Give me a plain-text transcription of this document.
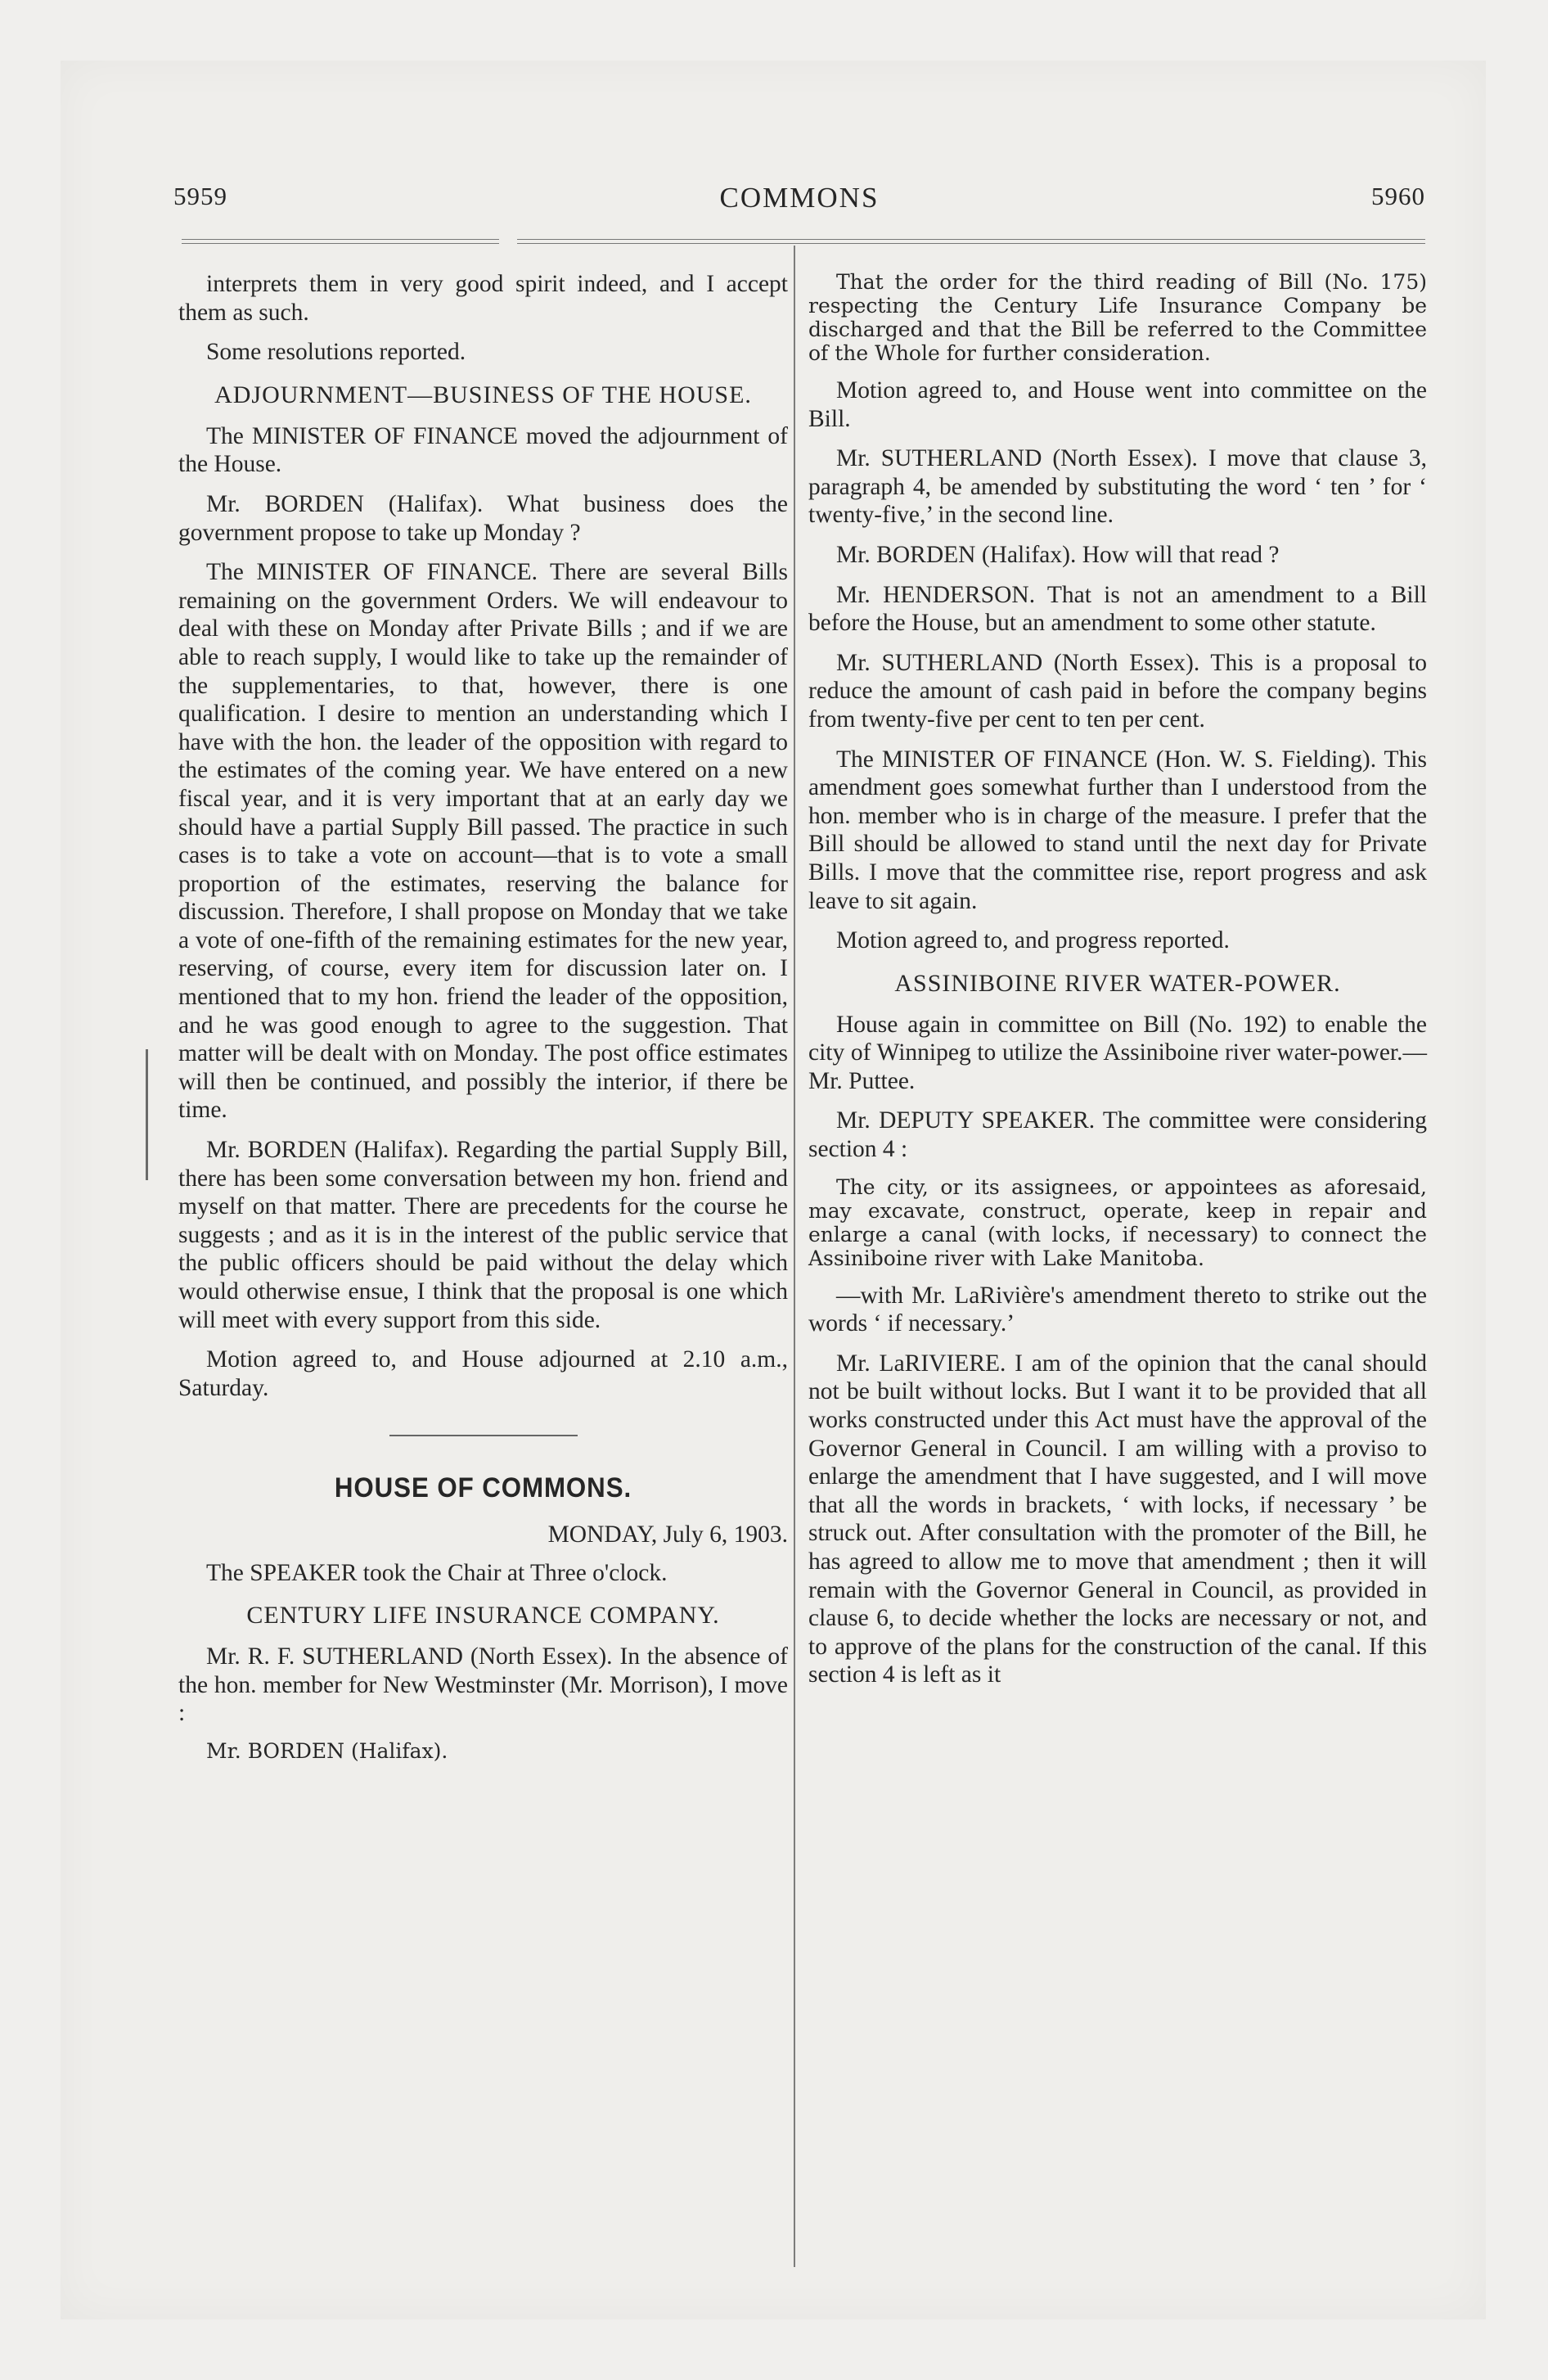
5959	COMMONS	5960

interprets them in very good spirit indeed, and I accept them as such.

Some resolutions reported.

ADJOURNMENT—BUSINESS OF THE HOUSE.

The MINISTER OF FINANCE moved the adjournment of the House.

Mr. BORDEN (Halifax). What business does the government propose to take up Monday ?

The MINISTER OF FINANCE. There are several Bills remaining on the government Orders. We will endeavour to deal with these on Monday after Private Bills ; and if we are able to reach supply, I would like to take up the remainder of the supplementaries, to that, however, there is one qualification. I desire to mention an understanding which I have with the hon. the leader of the opposition with regard to the estimates of the coming year. We have entered on a new fiscal year, and it is very important that at an early day we should have a partial Supply Bill passed. The practice in such cases is to take a vote on account—that is to vote a small proportion of the estimates, reserving the balance for discussion. Therefore, I shall propose on Monday that we take a vote of one-fifth of the remaining estimates for the new year, reserving, of course, every item for discussion later on. I mentioned that to my hon. friend the leader of the opposition, and he was good enough to agree to the suggestion. That matter will be dealt with on Monday. The post office estimates will then be continued, and possibly the interior, if there be time.

Mr. BORDEN (Halifax). Regarding the partial Supply Bill, there has been some conversation between my hon. friend and myself on that matter. There are precedents for the course he suggests ; and as it is in the interest of the public service that the public officers should be paid without the delay which would otherwise ensue, I think that the proposal is one which will meet with every support from this side.

Motion agreed to, and House adjourned at 2.10 a.m., Saturday.

HOUSE OF COMMONS.

MONDAY, July 6, 1903.

The SPEAKER took the Chair at Three o'clock.

CENTURY LIFE INSURANCE COMPANY.

Mr. R. F. SUTHERLAND (North Essex). In the absence of the hon. member for New Westminster (Mr. Morrison), I move :

Mr. BORDEN (Halifax).

That the order for the third reading of Bill (No. 175) respecting the Century Life Insurance Company be discharged and that the Bill be referred to the Committee of the Whole for further consideration.

Motion agreed to, and House went into committee on the Bill.

Mr. SUTHERLAND (North Essex). I move that clause 3, paragraph 4, be amended by substituting the word ‘ ten ’ for ‘ twenty-five,’ in the second line.

Mr. BORDEN (Halifax). How will that read ?

Mr. HENDERSON. That is not an amendment to a Bill before the House, but an amendment to some other statute.

Mr. SUTHERLAND (North Essex). This is a proposal to reduce the amount of cash paid in before the company begins from twenty-five per cent to ten per cent.

The MINISTER OF FINANCE (Hon. W. S. Fielding). This amendment goes somewhat further than I understood from the hon. member who is in charge of the measure. I prefer that the Bill should be allowed to stand until the next day for Private Bills. I move that the committee rise, report progress and ask leave to sit again.

Motion agreed to, and progress reported.

ASSINIBOINE RIVER WATER-POWER.

House again in committee on Bill (No. 192) to enable the city of Winnipeg to utilize the Assiniboine river water-power.—Mr. Puttee.

Mr. DEPUTY SPEAKER. The committee were considering section 4 :

The city, or its assignees, or appointees as aforesaid, may excavate, construct, operate, keep in repair and enlarge a canal (with locks, if necessary) to connect the Assiniboine river with Lake Manitoba.

—with Mr. LaRivière's amendment thereto to strike out the words ‘ if necessary.’

Mr. LaRIVIERE. I am of the opinion that the canal should not be built without locks. But I want it to be provided that all works constructed under this Act must have the approval of the Governor General in Council. I am willing with a proviso to enlarge the amendment that I have suggested, and I will move that all the words in brackets, ‘ with locks, if necessary ’ be struck out. After consultation with the promoter of the Bill, he has agreed to allow me to move that amendment ; then it will remain with the Governor General in Council, as provided in clause 6, to decide whether the locks are necessary or not, and to approve of the plans for the construction of the canal. If this section 4 is left as it
